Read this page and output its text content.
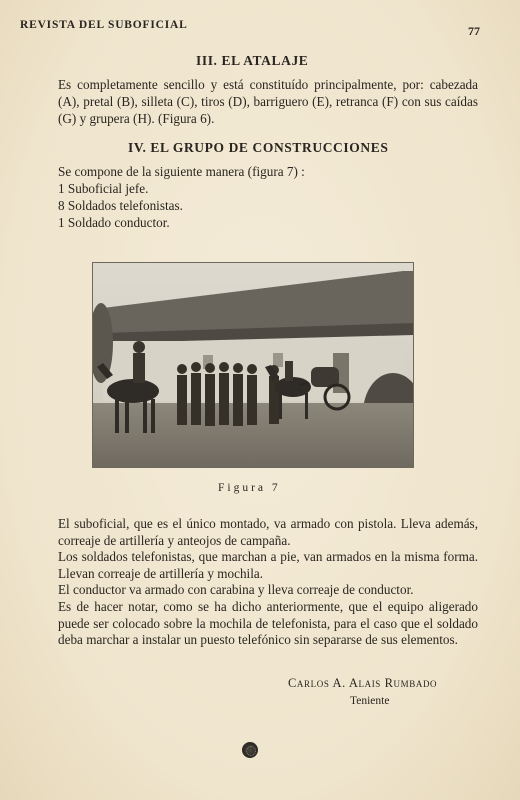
REVISTA DEL SUBOFICIAL	77
III. EL ATALAJE
Es completamente sencillo y está constituído principalmente, por: cabezada (A), pretal (B), silleta (C), tiros (D), barriguero (E), retranca (F) con sus caídas (G) y grupera (H). (Figura 6).
IV. EL GRUPO DE CONSTRUCCIONES
Se compone de la siguiente manera (figura 7) :
1 Suboficial jefe.
8 Soldados telefonistas.
1 Soldado conductor.
Figura 7
El suboficial, que es el único montado, va armado con pistola. Lleva además, correaje de artillería y anteojos de campaña.
Los soldados telefonistas, que marchan a pie, van armados en la misma forma. Llevan correaje de artillería y mochila.
El conductor va armado con carabina y lleva correaje de conductor.
Es de hacer notar, como se ha dicho anteriormente, que el equipo aligerado puede ser colocado sobre la mochila de telefonista, para el caso que el soldado deba marchar a instalar un puesto telefónico sin separarse de sus elementos.
Carlos A. Alais Rumbado
Teniente
